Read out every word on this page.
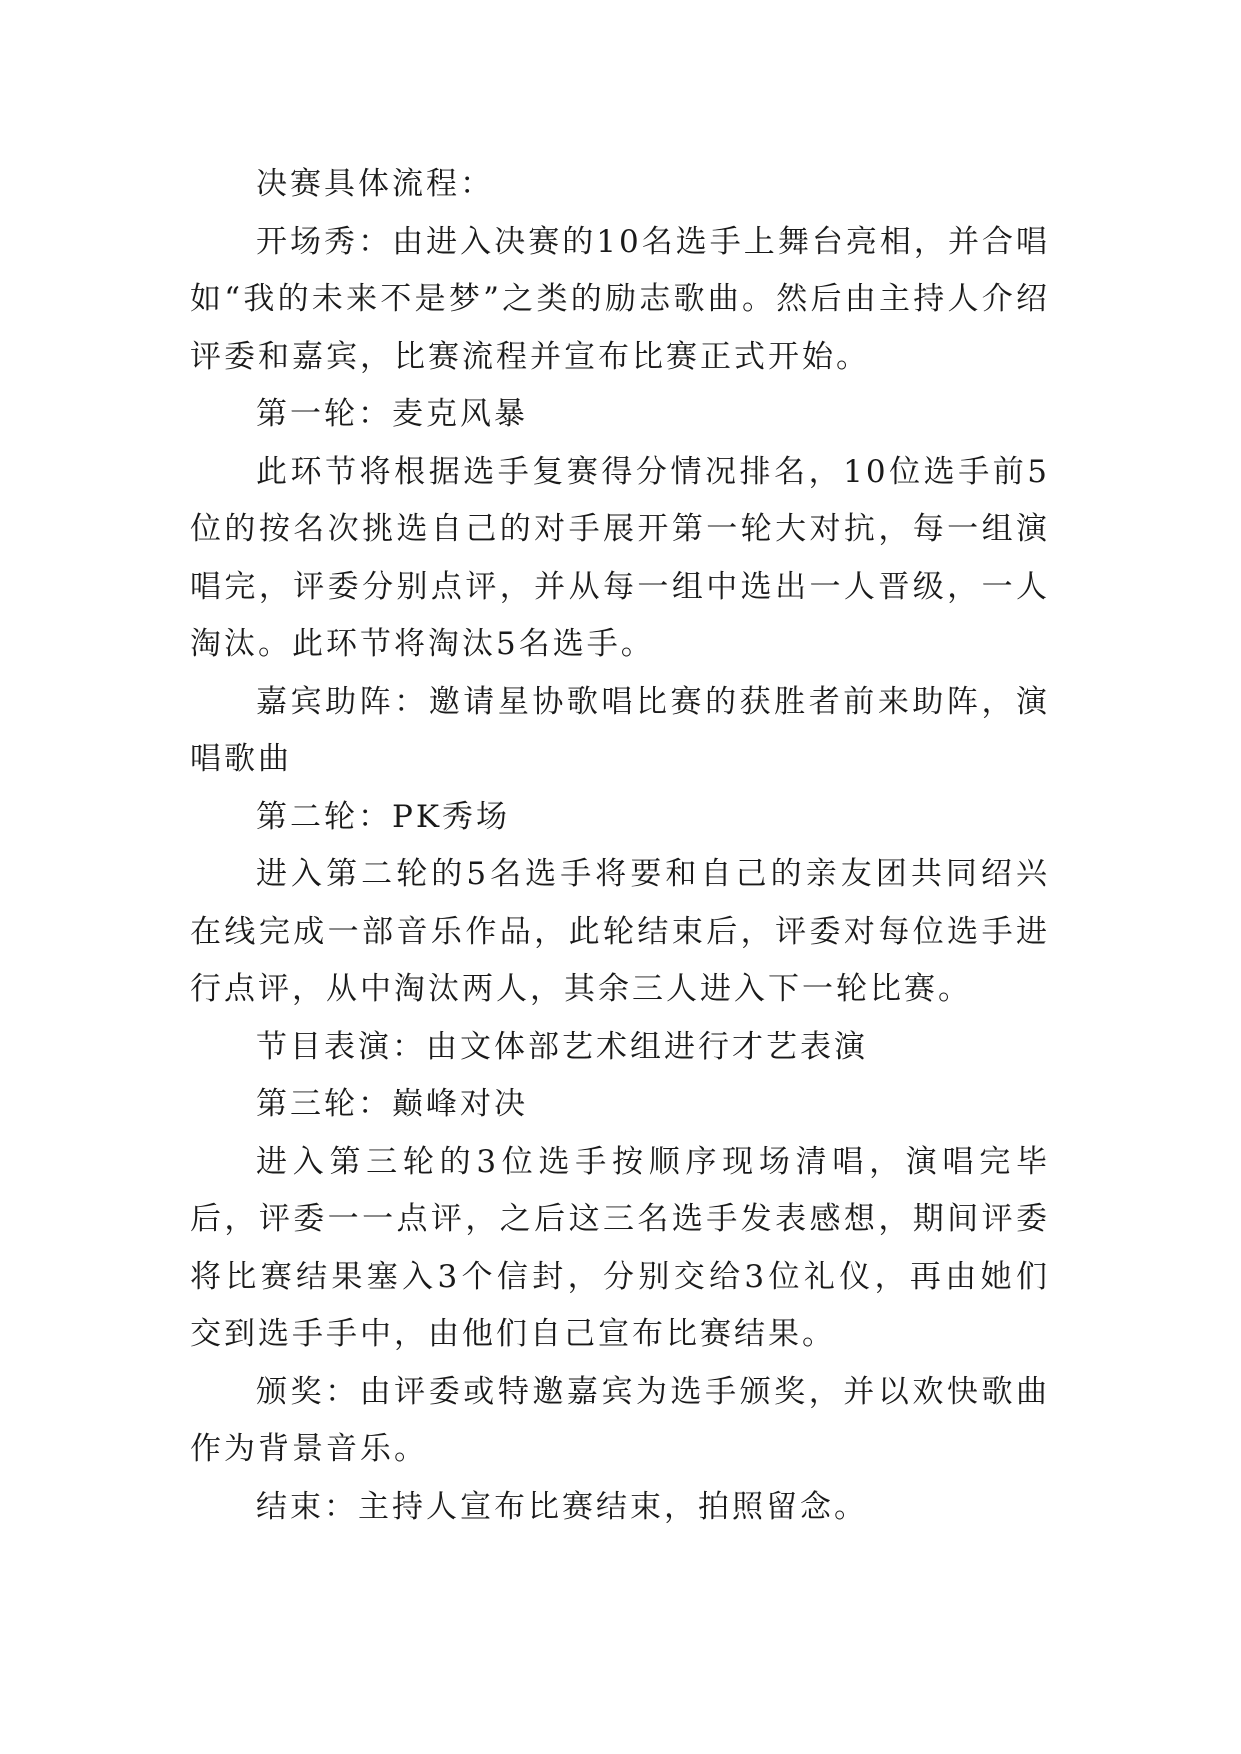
决赛具体流程：

开场秀：由进入决赛的10名选手上舞台亮相，并合唱如“我的未来不是梦”之类的励志歌曲。然后由主持人介绍评委和嘉宾，比赛流程并宣布比赛正式开始。

第一轮：麦克风暴

此环节将根据选手复赛得分情况排名，10位选手前5位的按名次挑选自己的对手展开第一轮大对抗，每一组演唱完，评委分别点评，并从每一组中选出一人晋级，一人淘汰。此环节将淘汰5名选手。

嘉宾助阵：邀请星协歌唱比赛的获胜者前来助阵，演唱歌曲

第二轮：PK秀场

进入第二轮的5名选手将要和自己的亲友团共同绍兴在线完成一部音乐作品，此轮结束后，评委对每位选手进行点评，从中淘汰两人，其余三人进入下一轮比赛。

节目表演：由文体部艺术组进行才艺表演

第三轮：巅峰对决

进入第三轮的3位选手按顺序现场清唱，演唱完毕后，评委一一点评，之后这三名选手发表感想，期间评委将比赛结果塞入3个信封，分别交给3位礼仪，再由她们交到选手手中，由他们自己宣布比赛结果。

颁奖：由评委或特邀嘉宾为选手颁奖，并以欢快歌曲作为背景音乐。

结束：主持人宣布比赛结束，拍照留念。
